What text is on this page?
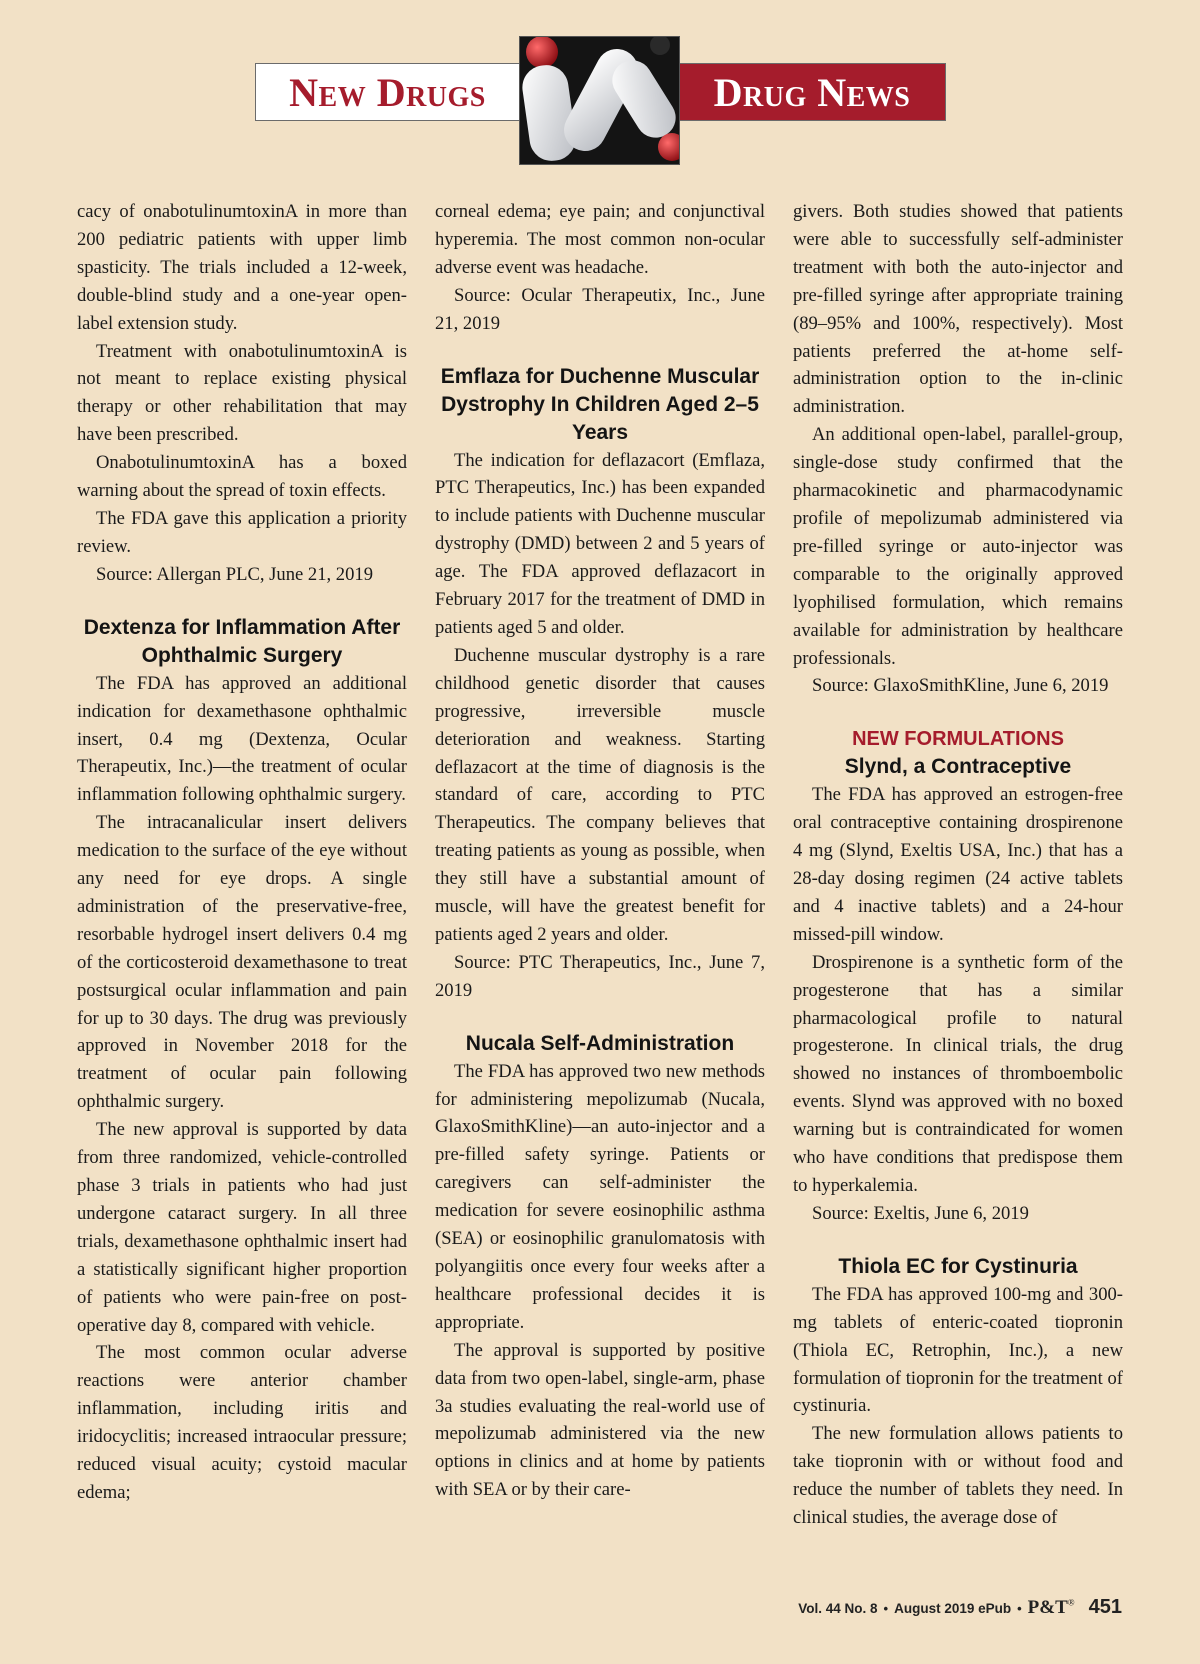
New Drugs	Drug News

cacy of onabotulinumtoxinA in more than 200 pediatric patients with upper limb spasticity. The trials included a 12-week, double-blind study and a one-year open-label extension study.

Treatment with onabotulinumtoxinA is not meant to replace existing physical therapy or other rehabilitation that may have been prescribed.

OnabotulinumtoxinA has a boxed warning about the spread of toxin effects.

The FDA gave this application a priority review.

Source: Allergan PLC, June 21, 2019

Dextenza for Inflammation After Ophthalmic Surgery

The FDA has approved an additional indication for dexamethasone ophthalmic insert, 0.4 mg (Dextenza, Ocular Therapeutix, Inc.)—the treatment of ocular inflammation following ophthalmic surgery.

The intracanalicular insert delivers medication to the surface of the eye without any need for eye drops. A single administration of the preservative-free, resorbable hydrogel insert delivers 0.4 mg of the corticosteroid dexamethasone to treat postsurgical ocular inflammation and pain for up to 30 days. The drug was previously approved in November 2018 for the treatment of ocular pain following ophthalmic surgery.

The new approval is supported by data from three randomized, vehicle-controlled phase 3 trials in patients who had just undergone cataract surgery. In all three trials, dexamethasone ophthalmic insert had a statistically significant higher proportion of patients who were pain-free on post-operative day 8, compared with vehicle.

The most common ocular adverse reactions were anterior chamber inflammation, including iritis and iridocyclitis; increased intraocular pressure; reduced visual acuity; cystoid macular edema;

corneal edema; eye pain; and conjunctival hyperemia. The most common non-ocular adverse event was headache.

Source: Ocular Therapeutix, Inc., June 21, 2019

Emflaza for Duchenne Muscular Dystrophy In Children Aged 2–5 Years

The indication for deflazacort (Emflaza, PTC Therapeutics, Inc.) has been expanded to include patients with Duchenne muscular dystrophy (DMD) between 2 and 5 years of age. The FDA approved deflazacort in February 2017 for the treatment of DMD in patients aged 5 and older.

Duchenne muscular dystrophy is a rare childhood genetic disorder that causes progressive, irreversible muscle deterioration and weakness. Starting deflazacort at the time of diagnosis is the standard of care, according to PTC Therapeutics. The company believes that treating patients as young as possible, when they still have a substantial amount of muscle, will have the greatest benefit for patients aged 2 years and older.

Source: PTC Therapeutics, Inc., June 7, 2019

Nucala Self-Administration

The FDA has approved two new methods for administering mepolizumab (Nucala, GlaxoSmithKline)—an auto-injector and a pre-filled safety syringe. Patients or caregivers can self-administer the medication for severe eosinophilic asthma (SEA) or eosinophilic granulomatosis with polyangiitis once every four weeks after a healthcare professional decides it is appropriate.

The approval is supported by positive data from two open-label, single-arm, phase 3a studies evaluating the real-world use of mepolizumab administered via the new options in clinics and at home by patients with SEA or by their care-

givers. Both studies showed that patients were able to successfully self-administer treatment with both the auto-injector and pre-filled syringe after appropriate training (89–95% and 100%, respectively). Most patients preferred the at-home self-administration option to the in-clinic administration.

An additional open-label, parallel-group, single-dose study confirmed that the pharmacokinetic and pharmacodynamic profile of mepolizumab administered via pre-filled syringe or auto-injector was comparable to the originally approved lyophilised formulation, which remains available for administration by healthcare professionals.

Source: GlaxoSmithKline, June 6, 2019

NEW FORMULATIONS
Slynd, a Contraceptive

The FDA has approved an estrogen-free oral contraceptive containing drospirenone 4 mg (Slynd, Exeltis USA, Inc.) that has a 28-day dosing regimen (24 active tablets and 4 inactive tablets) and a 24-hour missed-pill window.

Drospirenone is a synthetic form of the progesterone that has a similar pharmacological profile to natural progesterone. In clinical trials, the drug showed no instances of thromboembolic events. Slynd was approved with no boxed warning but is contraindicated for women who have conditions that predispose them to hyperkalemia.

Source: Exeltis, June 6, 2019

Thiola EC for Cystinuria

The FDA has approved 100-mg and 300-mg tablets of enteric-coated tiopronin (Thiola EC, Retrophin, Inc.), a new formulation of tiopronin for the treatment of cystinuria.

The new formulation allows patients to take tiopronin with or without food and reduce the number of tablets they need. In clinical studies, the average dose of

Vol. 44 No. 8 • August 2019 ePub • P&T® 451
